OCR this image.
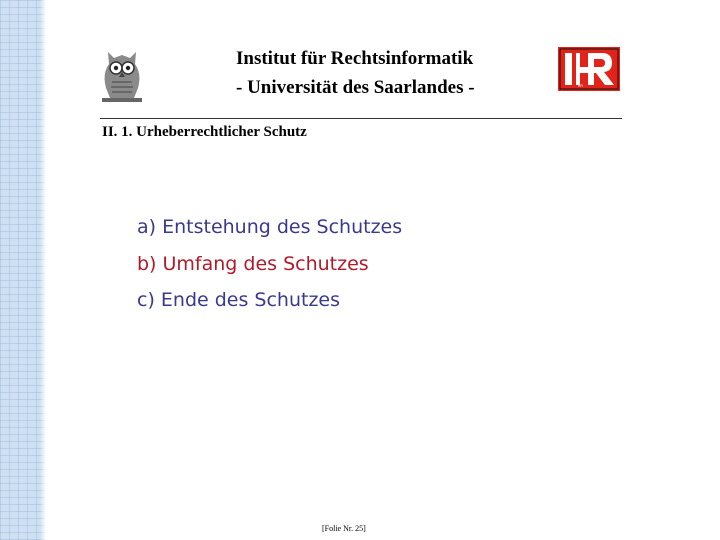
Institut für Rechtsinformatik
- Universität des Saarlandes -	IfR
II. 1. Urheberrechtlicher Schutz

a) Entstehung des Schutzes

b) Umfang des Schutzes

c) Ende des Schutzes

[Folie Nr. 25]
